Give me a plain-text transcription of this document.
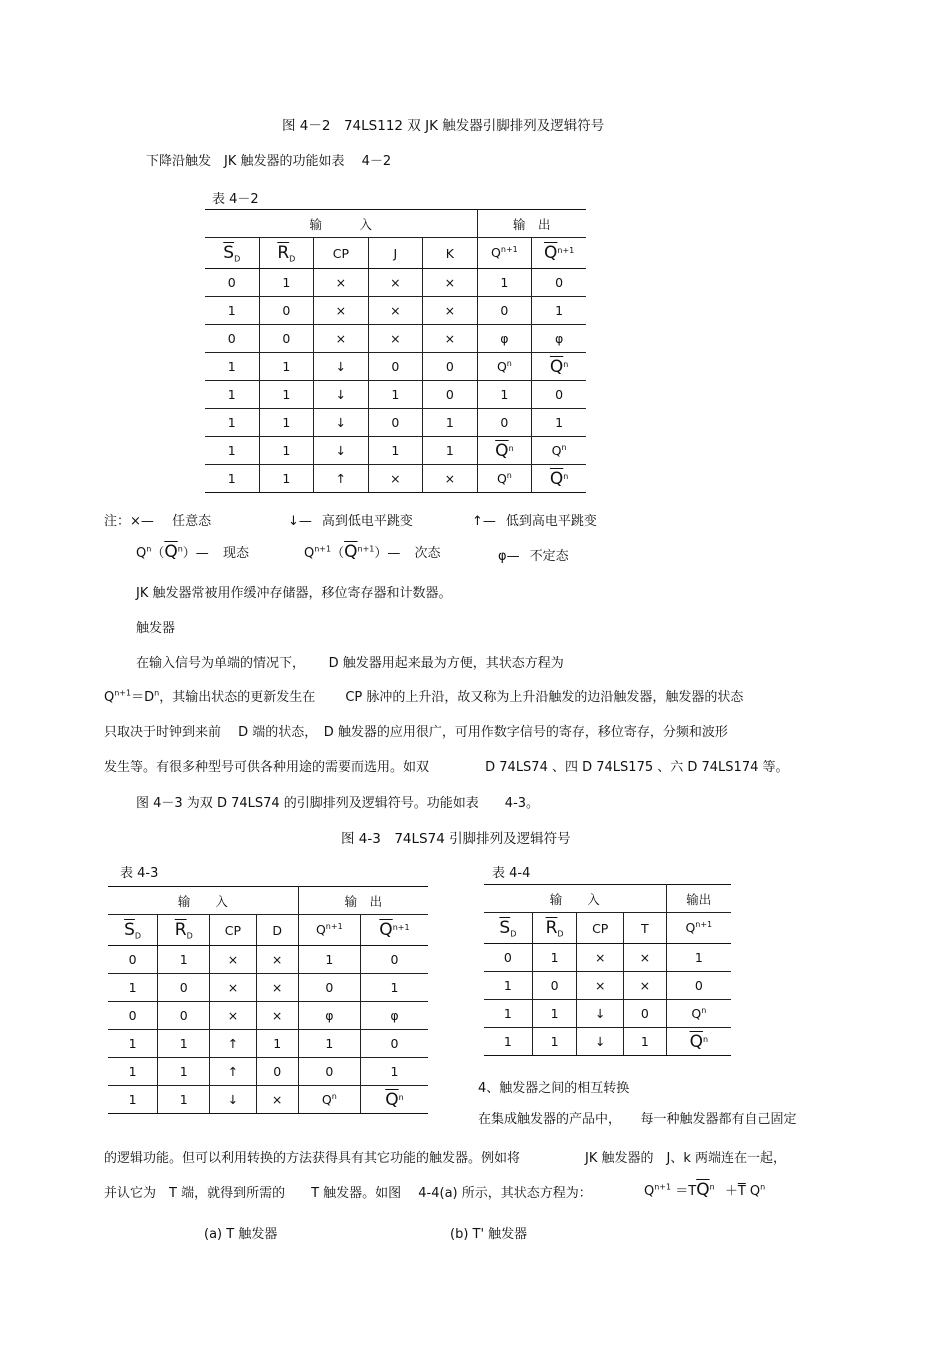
图 4－2　74LS112 双 JK 触发器引脚排列及逻辑符号
下降沿触发　JK 触发器的功能如表　 4－2
表 4－2
输　　　入					输　出	
$\overline{S}_D$	$\overline{R}_D$	CP	J	K	$Q^{n+1}$	$\overline{Q}^{n+1}$
0	1	×	×	×	1	0
1	0	×	×	×	0	1
0	0	×	×	×	φ	φ
1	1	↓	0	0	$Q^n$	$\overline{Q}^n$
1	1	↓	1	0	1	0
1	1	↓	0	1	0	1
1	1	↓	1	1	$\overline{Q}^n$	$Q^n$
1	1	↑	×	×	$Q^n$	$\overline{Q}^n$
注：×— 任意态	↓— 高到低电平跳变	↑— 低到高电平跳变
$Q^n(\overline{Q}^n)—$ 现态	$Q^{n+1}(\overline{Q}^{n+1})—$ 次态	φ— 不定态

JK 触发器常被用作缓冲存储器，移位寄存器和计数器。

触发器

在输入信号为单端的情况下，　　 D 触发器用起来最为方便，其状态方程为

$Q^{n+1}=D^n$，其输出状态的更新发生在　　 CP 脉冲的上升沿，故又称为上升沿触发的边沿触发器，触发器的状态

只取决于时钟到来前　 D 端的状态，　D 触发器的应用很广，可用作数字信号的寄存，移位寄存，分频和波形

发生等。有很多种型号可供各种用途的需要而选用。如双　　　　 D 74LS74 、四 D 74LS175 、六 D 74LS174 等。

图 4－3 为双 D 74LS74 的引脚排列及逻辑符号。功能如表　　4-3。

图 4-3　74LS74 引脚排列及逻辑符号
表 4-3
输　　入				输　出	
$\overline{S}_D$	$\overline{R}_D$	CP	D	$Q^{n+1}$	$\overline{Q}^{n+1}$
0	1	×	×	1	0
1	0	×	×	0	1
0	0	×	×	φ	φ
1	1	↑	1	1	0
1	1	↑	0	0	1
1	1	↓	×	$Q^n$	$\overline{Q}^n$
表 4-4
输　　入				输出
$\overline{S}_D$	$\overline{R}_D$	CP	T	$Q^{n+1}$
0	1	×	×	1
1	0	×	×	0
1	1	↓	0	$Q^n$
1	1	↓	1	$\overline{Q}^n$

4、触发器之间的相互转换

在集成触发器的产品中，　　每一种触发器都有自己固定

的逻辑功能。但可以利用转换的方法获得具有其它功能的触发器。例如将　　　　　JK 触发器的　J、k 两端连在一起，

并认它为　T 端，就得到所需的　　T 触发器。如图　 4-4(a) 所示，其状态方程为：	$Q^{n+1} =T\overline{Q}^n +\overline{T}$ $Q^n$
(a) T 触发器	(b) T' 触发器
